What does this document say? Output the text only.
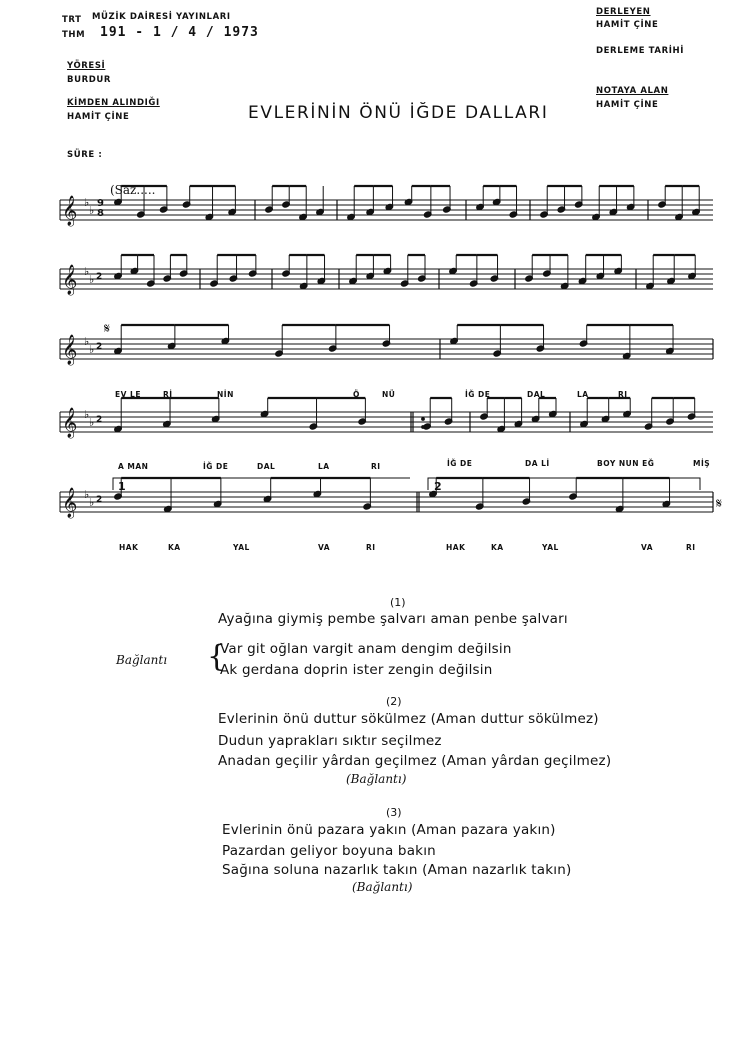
TRT MÜZİK DAİRESİ YAYINLARI
THM 191 - 1 / 4 / 1973
YÖRESİ
BURDUR
KİMDEN ALINDIĞI
HAMİT ÇİNE
SÜRE :
DERLEYEN
HAMİT ÇİNE
DERLEME TARİHİ
NOTAYA ALAN
HAMİT ÇİNE
EVLERİNİN ÖNÜ İĞDE DALLARI
𝄞 ♭
♭
𝄞 ♭
♭ 2
𝄞 ♭
♭ 2
𝄞 ♭
♭ 2
𝄞 ♭
♭ 2
𝄋
𝄋
(Saz.....
9
8
1	2
EV LE	Rİ	NİN	Ö	NÜ	İĞ DE	DAL	LA	RI
A MAN	İĞ DE	DAL	LA	RI	İĞ DE	DA Lİ	BOY NUN EĞ	MİŞ
HAK	KA	YAL	VA	RI	HAK	KA	YAL	VA	RI
(1)
Ayağına giymiş pembe şalvarı aman penbe şalvarı
Bağlantı {
Var git oğlan vargit anam dengim değilsin
Ak gerdana doprin ister zengin değilsin
(2)
Evlerinin önü duttur sökülmez (Aman duttur sökülmez)
Dudun yaprakları sıktır seçilmez
Anadan geçilir yârdan geçilmez (Aman yârdan geçilmez)
(Bağlantı)
(3)
Evlerinin önü pazara yakın (Aman pazara yakın)
Pazardan geliyor boyuna bakın
Sağına soluna nazarlık takın (Aman nazarlık takın)
(Bağlantı)
